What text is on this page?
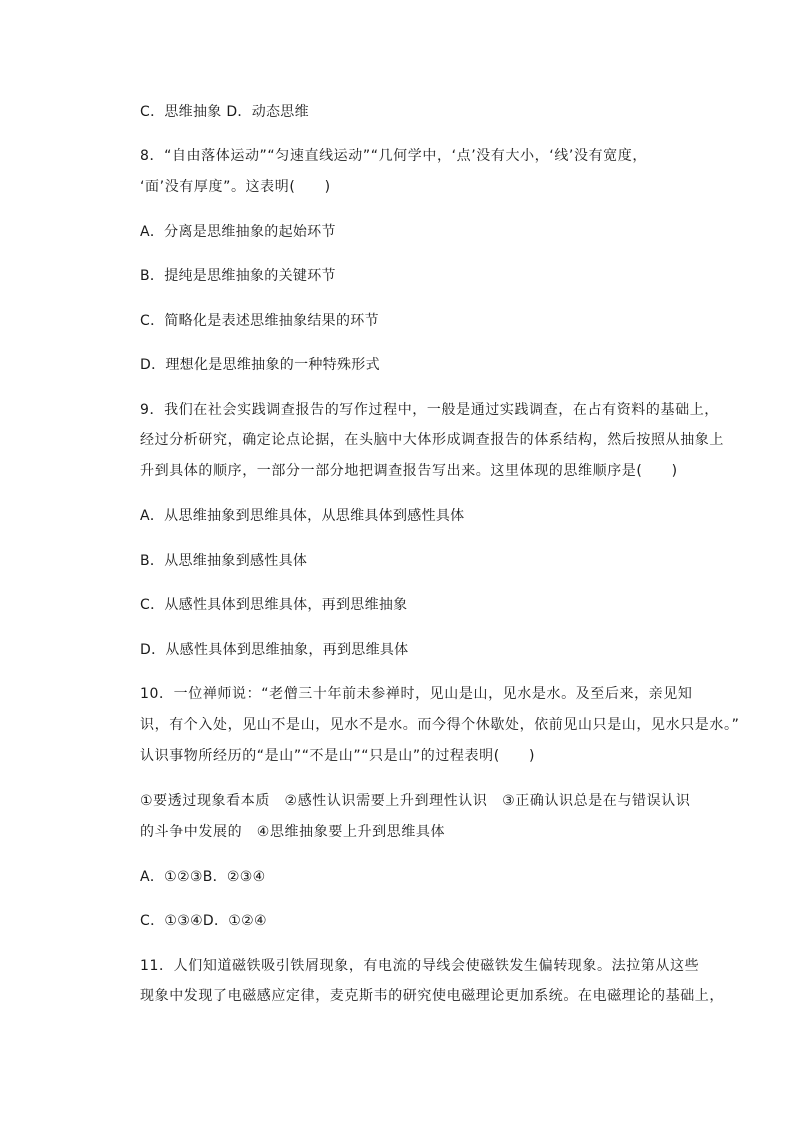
C．思维抽象 D．动态思维
8．“自由落体运动”“匀速直线运动”“几何学中，‘点’没有大小，‘线’没有宽度，
‘面’没有厚度”。这表明(　　)
A．分离是思维抽象的起始环节
B．提纯是思维抽象的关键环节
C．简略化是表述思维抽象结果的环节
D．理想化是思维抽象的一种特殊形式
9．我们在社会实践调查报告的写作过程中，一般是通过实践调查，在占有资料的基础上，
经过分析研究，确定论点论据，在头脑中大体形成调查报告的体系结构，然后按照从抽象上
升到具体的顺序，一部分一部分地把调查报告写出来。这里体现的思维顺序是(　　)
A．从思维抽象到思维具体，从思维具体到感性具体
B．从思维抽象到感性具体
C．从感性具体到思维具体，再到思维抽象
D．从感性具体到思维抽象，再到思维具体
10．一位禅师说：“老僧三十年前未参禅时，见山是山，见水是水。及至后来，亲见知
识，有个入处，见山不是山，见水不是水。而今得个休歇处，依前见山只是山，见水只是水。”
认识事物所经历的“是山”“不是山”“只是山”的过程表明(　　)
①要透过现象看本质　②感性认识需要上升到理性认识　③正确认识总是在与错误认识
的斗争中发展的　④思维抽象要上升到思维具体
A．①②③B．②③④
C．①③④D．①②④
11．人们知道磁铁吸引铁屑现象，有电流的导线会使磁铁发生偏转现象。法拉第从这些
现象中发现了电磁感应定律，麦克斯韦的研究使电磁理论更加系统。在电磁理论的基础上，
